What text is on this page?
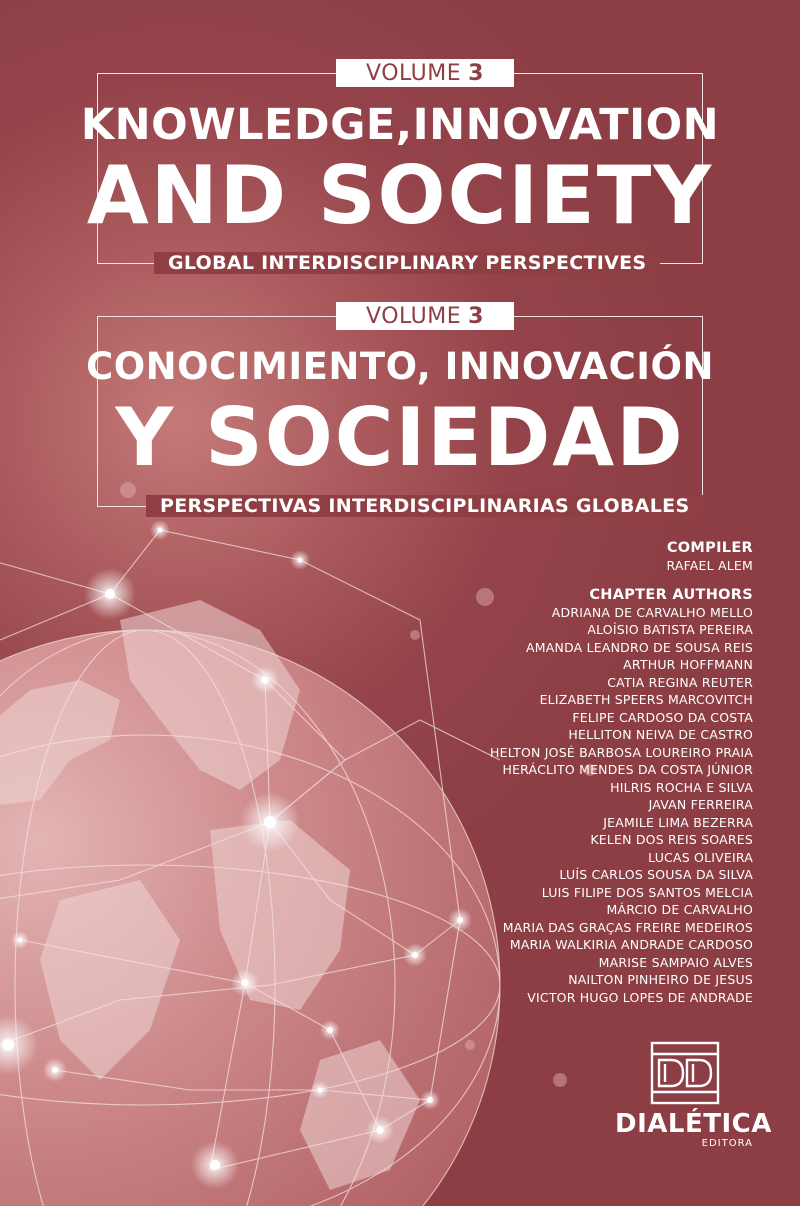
VOLUME 3
KNOWLEDGE,INNOVATION
AND SOCIETY
GLOBAL INTERDISCIPLINARY PERSPECTIVES
VOLUME 3
CONOCIMIENTO, INNOVACIÓN
Y SOCIEDAD
PERSPECTIVAS INTERDISCIPLINARIAS GLOBALES
COMPILER
RAFAEL ALEM
CHAPTER AUTHORS
ADRIANA DE CARVALHO MELLO
ALOÍSIO BATISTA PEREIRA
AMANDA LEANDRO DE SOUSA REIS
ARTHUR HOFFMANN
CATIA REGINA REUTER
ELIZABETH SPEERS MARCOVITCH
FELIPE CARDOSO DA COSTA
HELLITON NEIVA DE CASTRO
HELTON JOSÉ BARBOSA LOUREIRO PRAIA
HERÁCLITO MENDES DA COSTA JÚNIOR
HILRIS ROCHA E SILVA
JAVAN FERREIRA
JEAMILE LIMA BEZERRA
KELEN DOS REIS SOARES
LUCAS OLIVEIRA
LUÍS CARLOS SOUSA DA SILVA
LUIS FILIPE DOS SANTOS MELCIA
MÁRCIO DE CARVALHO
MARIA DAS GRAÇAS FREIRE MEDEIROS
MARIA WALKIRIA ANDRADE CARDOSO
MARISE SAMPAIO ALVES
NAILTON PINHEIRO DE JESUS
VICTOR HUGO LOPES DE ANDRADE
DIALÉTICA
EDITORA
